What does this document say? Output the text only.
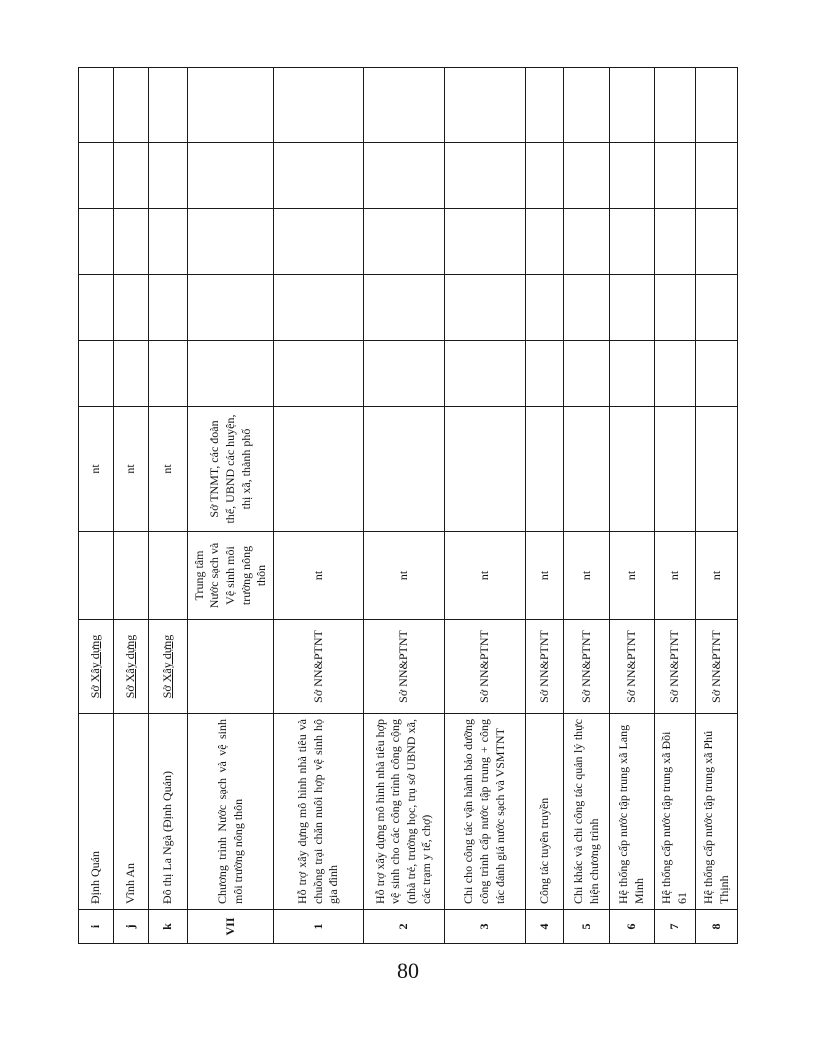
i	Định Quán	Sở Xây dựng		nt					
j	Vĩnh An	Sở Xây dựng		nt					
k	Đô thị La Ngà (Định Quán)	Sở Xây dựng		nt					
VII	Chương trình Nước sạch và vệ sinh môi trường nông thôn		Trung tâm Nước sạch và Vệ sinh môi trường nông thôn	Sở TNMT, các đoàn thể, UBND các huyện, thị xã, thành phố					
1	Hỗ trợ xây dựng mô hình nhà tiêu và chuồng trại chăn nuôi hợp vệ sinh hộ gia đình	Sở NN&PTNT	nt						
2	Hỗ trợ xây dựng mô hình nhà tiêu hợp vệ sinh cho các công trình công cộng (nhà trẻ, trường học, trụ sở UBND xã, các trạm y tế, chợ)	Sở NN&PTNT	nt						
3	Chi cho công tác vận hành bảo dưỡng công trình cấp nước tập trung + công tác đánh giá nước sạch và VSMTNT	Sở NN&PTNT	nt						
4	Công tác tuyên truyền	Sở NN&PTNT	nt						
5	Chi khác và chi công tác quản lý thực hiện chương trình	Sở NN&PTNT	nt						
6	Hệ thống cấp nước tập trung xã Lang Minh	Sở NN&PTNT	nt						
7	Hệ thống cấp nước tập trung xã Đồi 61	Sở NN&PTNT	nt						
8	Hệ thống cấp nước tập trung xã Phú Thịnh	Sở NN&PTNT	nt						
80
